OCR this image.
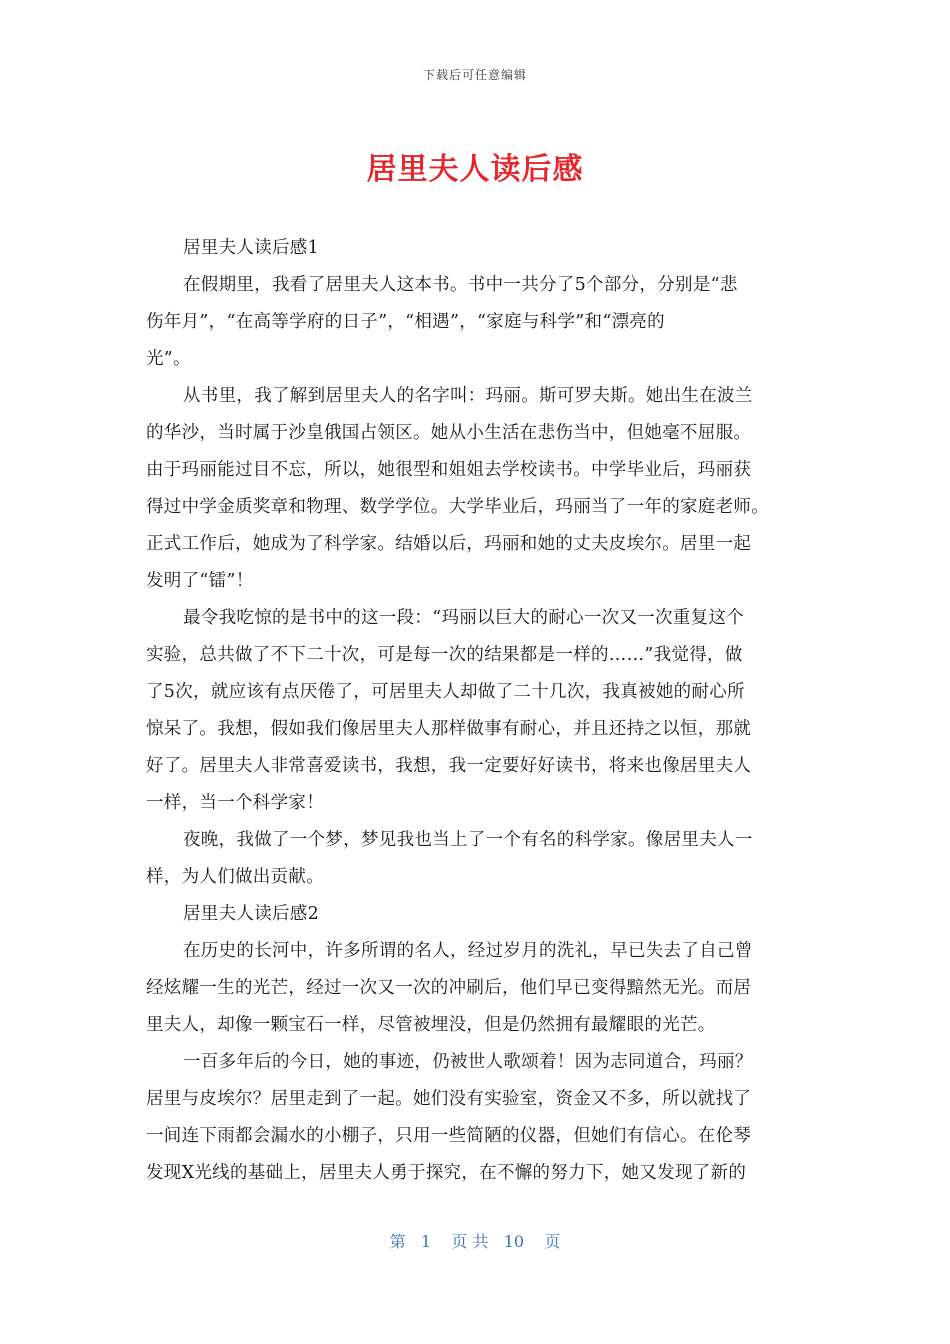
下载后可任意编辑
居里夫人读后感
居里夫人读后感1
在假期里，我看了居里夫人这本书。书中一共分了5个部分，分别是“悲
伤年月”，“在高等学府的日子”，“相遇”，“家庭与科学”和“漂亮的
光”。
从书里，我了解到居里夫人的名字叫：玛丽。斯可罗夫斯。她出生在波兰
的华沙，当时属于沙皇俄国占领区。她从小生活在悲伤当中，但她毫不屈服。
由于玛丽能过目不忘，所以，她很型和姐姐去学校读书。中学毕业后，玛丽获
得过中学金质奖章和物理、数学学位。大学毕业后，玛丽当了一年的家庭老师。
正式工作后，她成为了科学家。结婚以后，玛丽和她的丈夫皮埃尔。居里一起
发明了“镭”！
最令我吃惊的是书中的这一段：“玛丽以巨大的耐心一次又一次重复这个
实验，总共做了不下二十次，可是每一次的结果都是一样的……”我觉得，做
了5次，就应该有点厌倦了，可居里夫人却做了二十几次，我真被她的耐心所
惊呆了。我想，假如我们像居里夫人那样做事有耐心，并且还持之以恒，那就
好了。居里夫人非常喜爱读书，我想，我一定要好好读书，将来也像居里夫人
一样，当一个科学家！
夜晚，我做了一个梦，梦见我也当上了一个有名的科学家。像居里夫人一
样，为人们做出贡献。
居里夫人读后感2
在历史的长河中，许多所谓的名人，经过岁月的洗礼，早已失去了自己曾
经炫耀一生的光芒，经过一次又一次的冲刷后，他们早已变得黯然无光。而居
里夫人，却像一颗宝石一样，尽管被埋没，但是仍然拥有最耀眼的光芒。
一百多年后的今日，她的事迹，仍被世人歌颂着！因为志同道合，玛丽？
居里与皮埃尔？居里走到了一起。她们没有实验室，资金又不多，所以就找了
一间连下雨都会漏水的小棚子，只用一些简陋的仪器，但她们有信心。在伦琴
发现X光线的基础上，居里夫人勇于探究，在不懈的努力下，她又发现了新的
第   1    页 共   10    页
